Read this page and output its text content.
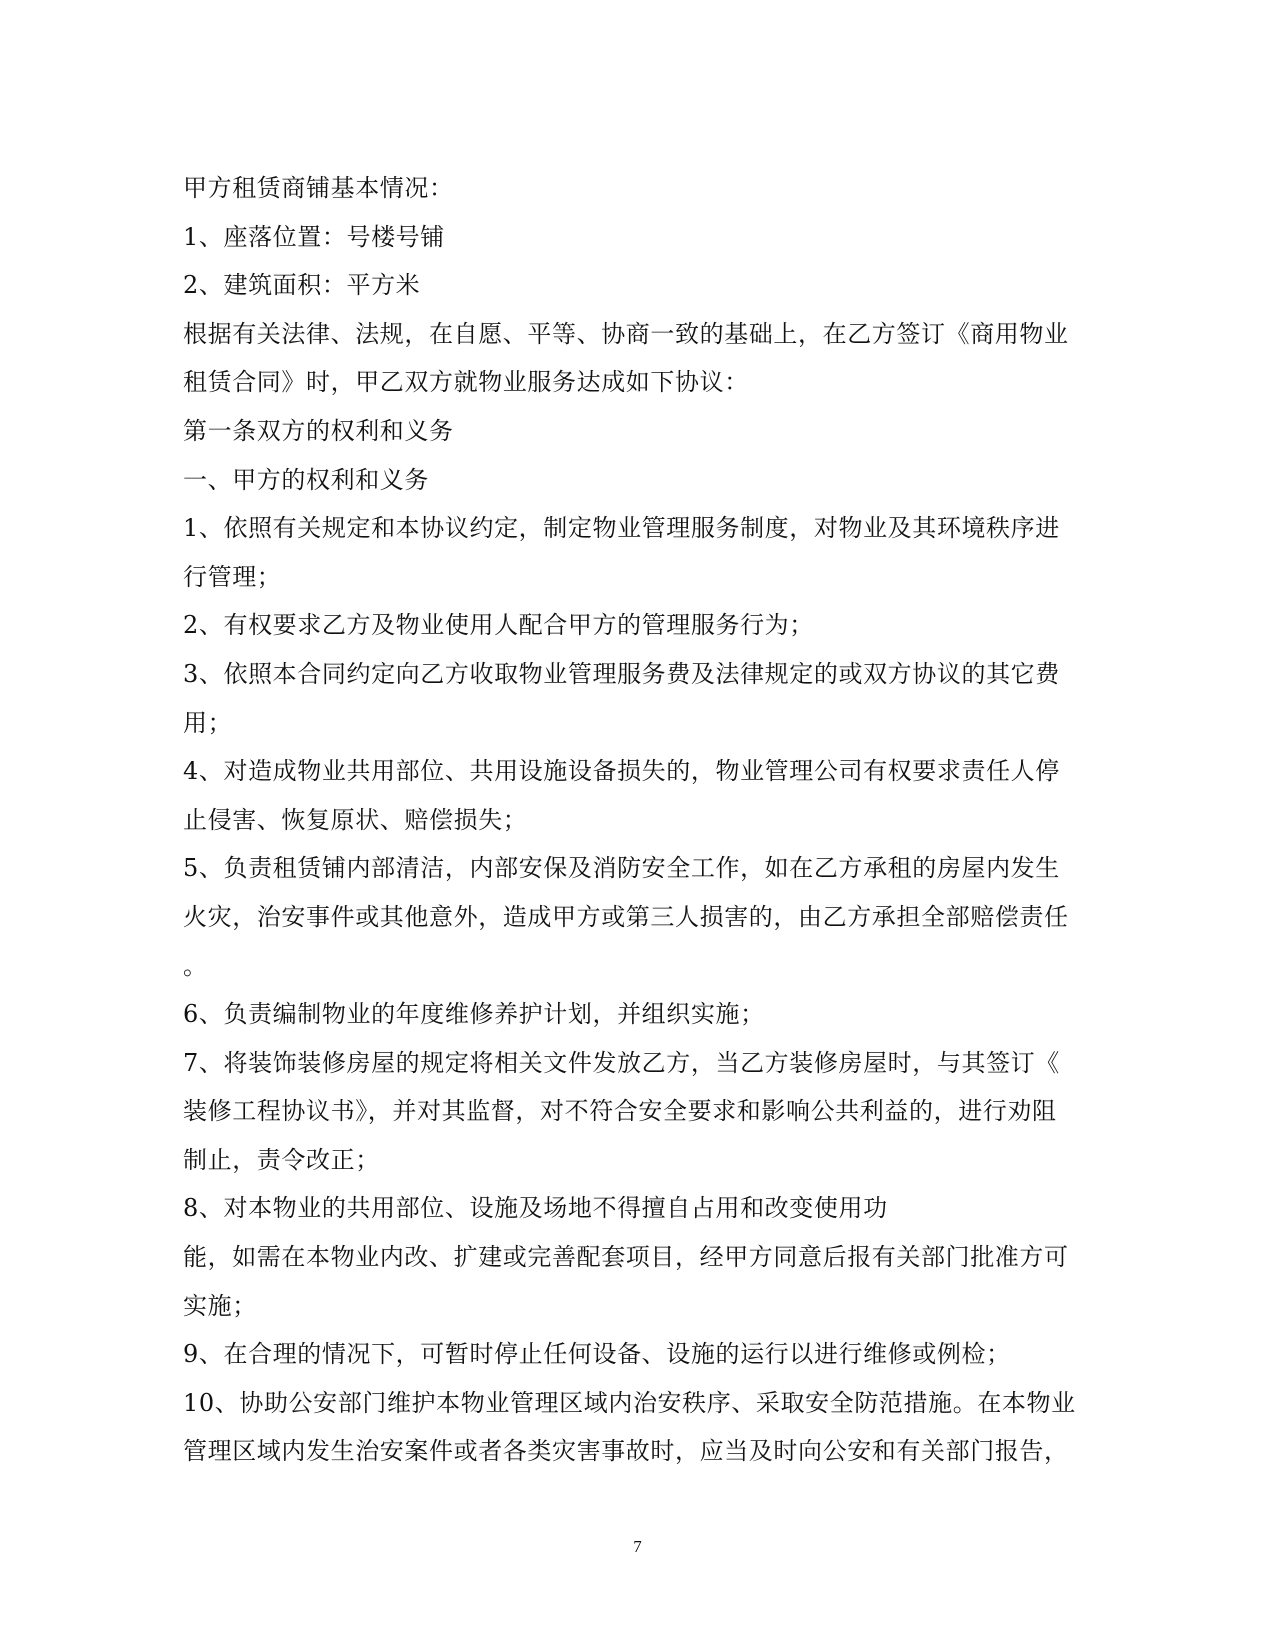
甲方租赁商铺基本情况：
1、座落位置：号楼号铺
2、建筑面积：平方米
根据有关法律、法规，在自愿、平等、协商一致的基础上，在乙方签订《商用物业
租赁合同》时，甲乙双方就物业服务达成如下协议：
第一条双方的权利和义务
一、甲方的权利和义务
1、依照有关规定和本协议约定，制定物业管理服务制度，对物业及其环境秩序进
行管理；
2、有权要求乙方及物业使用人配合甲方的管理服务行为；
3、依照本合同约定向乙方收取物业管理服务费及法律规定的或双方协议的其它费
用；
4、对造成物业共用部位、共用设施设备损失的，物业管理公司有权要求责任人停
止侵害、恢复原状、赔偿损失；
5、负责租赁铺内部清洁，内部安保及消防安全工作，如在乙方承租的房屋内发生
火灾，治安事件或其他意外，造成甲方或第三人损害的，由乙方承担全部赔偿责任
。
6、负责编制物业的年度维修养护计划，并组织实施；
7、将装饰装修房屋的规定将相关文件发放乙方，当乙方装修房屋时，与其签订《
装修工程协议书》，并对其监督，对不符合安全要求和影响公共利益的，进行劝阻
制止，责令改正；
8、对本物业的共用部位、设施及场地不得擅自占用和改变使用功
能，如需在本物业内改、扩建或完善配套项目，经甲方同意后报有关部门批准方可
实施；
9、在合理的情况下，可暂时停止任何设备、设施的运行以进行维修或例检；
10、协助公安部门维护本物业管理区域内治安秩序、采取安全防范措施。在本物业
管理区域内发生治安案件或者各类灾害事故时，应当及时向公安和有关部门报告，
7
